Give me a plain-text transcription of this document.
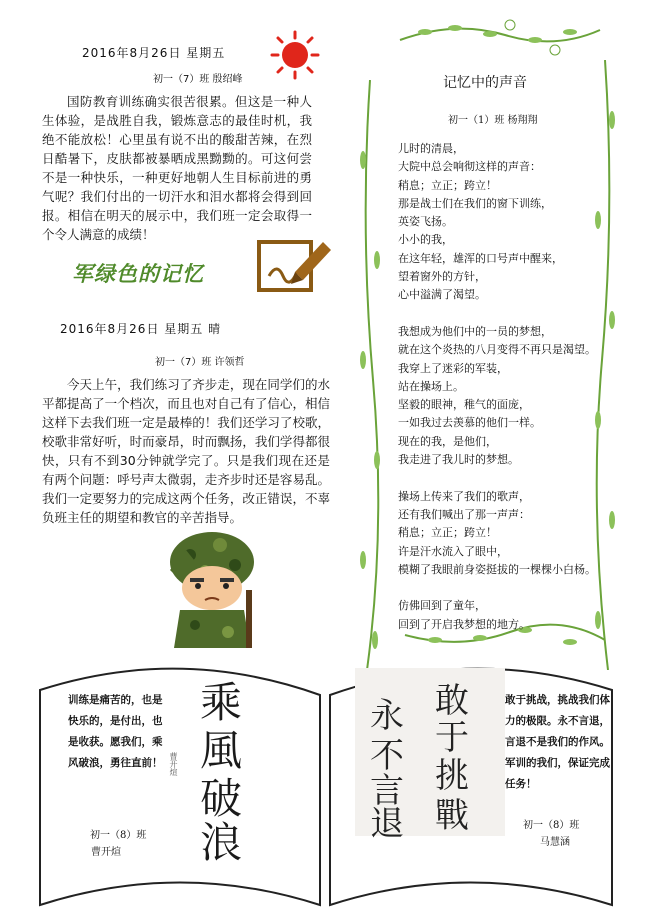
2016年8月26日 星期五
初一（7）班 殷绍峰
国防教育训练确实很苦很累。但这是一种人生体验，是战胜自我，锻炼意志的最佳时机，我绝不能放松！心里虽有说不出的酸甜苦辣，在烈日酷暑下，皮肤都被暴晒成黑黝黝的。可这何尝不是一种快乐，一种更好地朝人生目标前进的勇气呢？我们付出的一切汗水和泪水都将会得到回报。相信在明天的展示中，我们班一定会取得一个令人满意的成绩！
军绿色的记忆
2016年8月26日 星期五 晴
初一（7）班 许领哲
今天上午，我们练习了齐步走，现在同学们的水平都提高了一个档次，而且也对自己有了信心，相信这样下去我们班一定是最棒的！我们还学习了校歌，校歌非常好听，时而豪昂，时而飘扬，我们学得都很快，只有不到30分钟就学完了。只是我们现在还是有两个问题：呼号声太微弱，走齐步时还是容易乱。我们一定要努力的完成这两个任务，改正错误，不辜负班主任的期望和教官的辛苦指导。
记忆中的声音
初一（1）班 杨翔翔
儿时的清晨，
大院中总会响彻这样的声音：
稍息；立正；跨立！
那是战士们在我们的窗下训练，
英姿飞扬。
小小的我，
在这年轻，雄浑的口号声中醒来，
望着窗外的方针，
心中溢满了渴望。
我想成为他们中的一员的梦想，
就在这个炎热的八月变得不再只是渴望。
我穿上了迷彩的军装，
站在操场上。
坚毅的眼神，稚气的面庞，
一如我过去羡慕的他们一样。
现在的我，是他们，
我走进了我儿时的梦想。
操场上传来了我们的歌声，
还有我们喊出了那一声声：
稍息；立正；跨立！
许是汗水流入了眼中，
模糊了我眼前身姿挺拔的一棵棵小白杨。
仿佛回到了童年，
回到了开启我梦想的地方。
训练是痛苦的，也是快乐的，是付出，也是收获。愿我们，乘风破浪，勇往直前！
初一（8）班
曹开煊
乘
風
破
浪
曹开煊
敢
于
挑
戰
永
不
言
退
敢于挑战，挑战我们体力的极限。永不言退，言退不是我们的作风。军训的我们，保证完成任务！
初一（8）班
马慧涵
